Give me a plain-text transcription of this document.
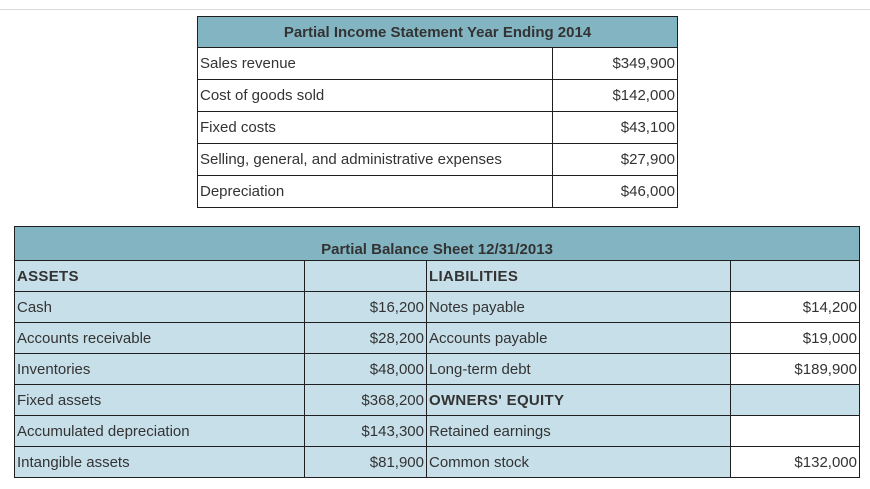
Partial Income Statement Year Ending 2014	
Sales revenue	$349,900
Cost of goods sold	$142,000
Fixed costs	$43,100
Selling, general, and administrative expenses	$27,900
Depreciation	$46,000
Partial Balance Sheet 12/31/2013			
ASSETS		LIABILITIES	
Cash	$16,200	Notes payable	$14,200
Accounts receivable	$28,200	Accounts payable	$19,000
Inventories	$48,000	Long-term debt	$189,900
Fixed assets	$368,200	OWNERS' EQUITY	
Accumulated depreciation	$143,300	Retained earnings	
Intangible assets	$81,900	Common stock	$132,000
